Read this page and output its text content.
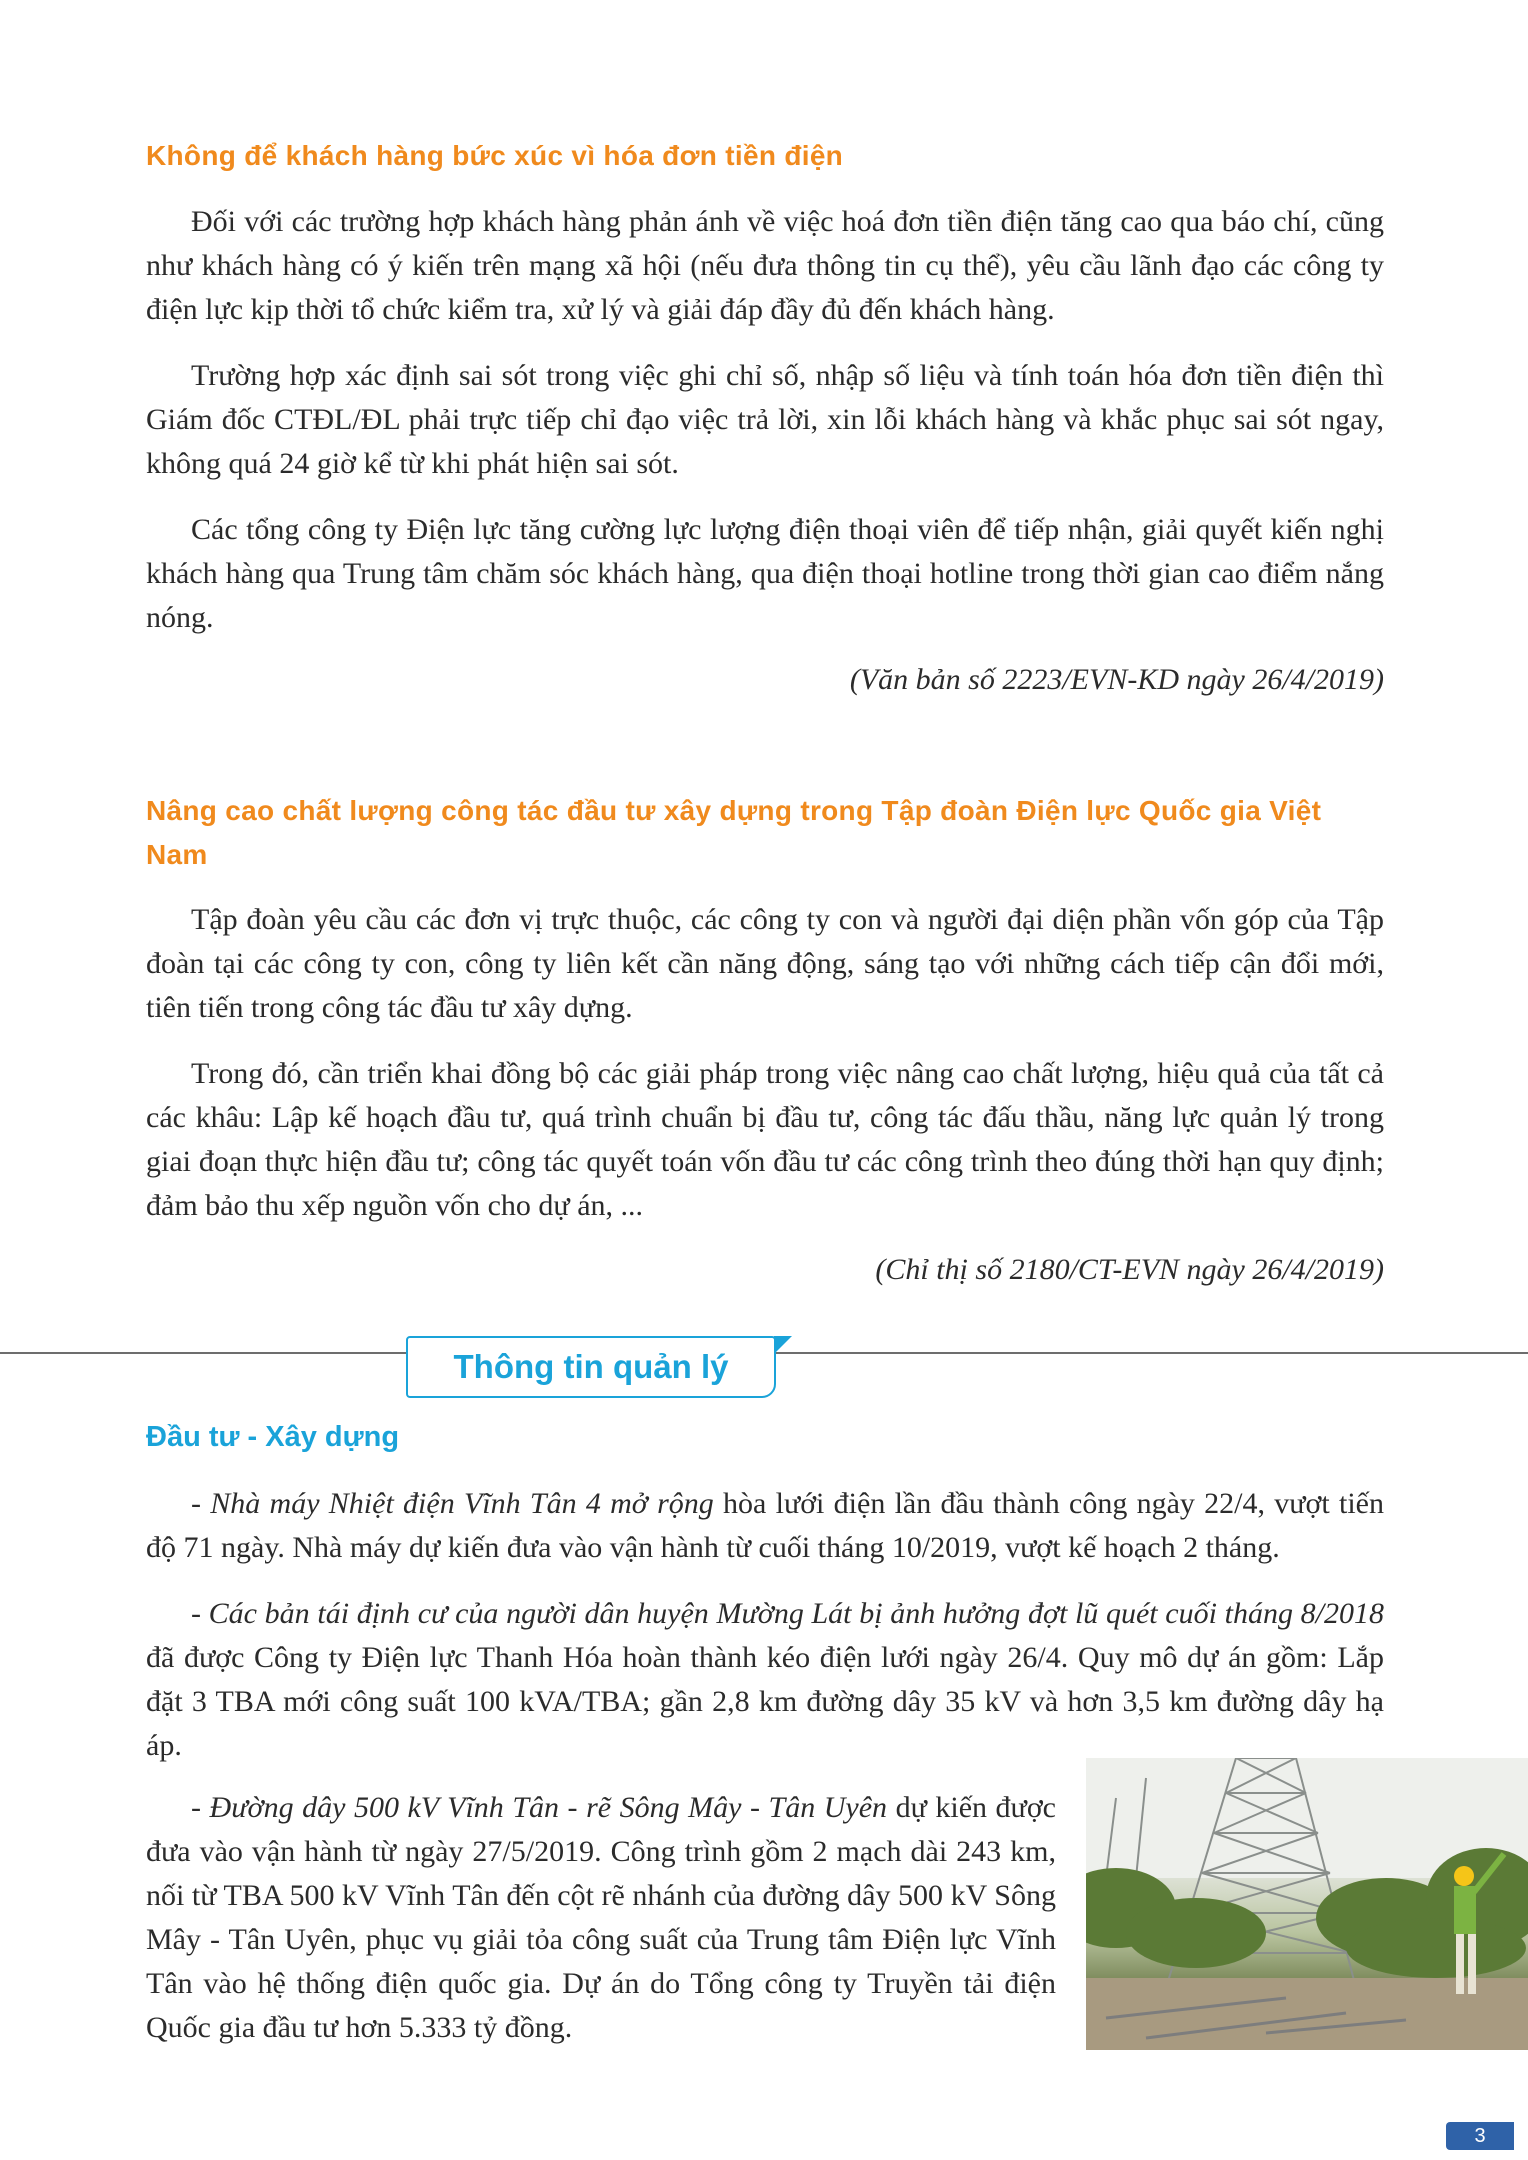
Không để khách hàng bức xúc vì hóa đơn tiền điện

Đối với các trường hợp khách hàng phản ánh về việc hoá đơn tiền điện tăng cao qua báo chí, cũng như khách hàng có ý kiến trên mạng xã hội (nếu đưa thông tin cụ thể), yêu cầu lãnh đạo các công ty điện lực kịp thời tổ chức kiểm tra, xử lý và giải đáp đầy đủ đến khách hàng.

Trường hợp xác định sai sót trong việc ghi chỉ số, nhập số liệu và tính toán hóa đơn tiền điện thì Giám đốc CTĐL/ĐL phải trực tiếp chỉ đạo việc trả lời, xin lỗi khách hàng và khắc phục sai sót ngay, không quá 24 giờ kể từ khi phát hiện sai sót.

Các tổng công ty Điện lực tăng cường lực lượng điện thoại viên để tiếp nhận, giải quyết kiến nghị khách hàng qua Trung tâm chăm sóc khách hàng, qua điện thoại hotline trong thời gian cao điểm nắng nóng.

(Văn bản số 2223/EVN-KD ngày 26/4/2019)

Nâng cao chất lượng công tác đầu tư xây dựng trong Tập đoàn Điện lực Quốc gia Việt Nam

Tập đoàn yêu cầu các đơn vị trực thuộc, các công ty con và người đại diện phần vốn góp của Tập đoàn tại các công ty con, công ty liên kết cần năng động, sáng tạo với những cách tiếp cận đổi mới, tiên tiến trong công tác đầu tư xây dựng.

Trong đó, cần triển khai đồng bộ các giải pháp trong việc nâng cao chất lượng, hiệu quả của tất cả các khâu: Lập kế hoạch đầu tư, quá trình chuẩn bị đầu tư, công tác đấu thầu, năng lực quản lý trong giai đoạn thực hiện đầu tư; công tác quyết toán vốn đầu tư các công trình theo đúng thời hạn quy định; đảm bảo thu xếp nguồn vốn cho dự án, ...

(Chỉ thị số 2180/CT-EVN ngày 26/4/2019)

Thông tin quản lý
Đầu tư - Xây dựng

- Nhà máy Nhiệt điện Vĩnh Tân 4 mở rộng hòa lưới điện lần đầu thành công ngày 22/4, vượt tiến độ 71 ngày. Nhà máy dự kiến đưa vào vận hành từ cuối tháng 10/2019, vượt kế hoạch 2 tháng.

- Các bản tái định cư của người dân huyện Mường Lát bị ảnh hưởng đợt lũ quét cuối tháng 8/2018 đã được Công ty Điện lực Thanh Hóa hoàn thành kéo điện lưới ngày 26/4. Quy mô dự án gồm: Lắp đặt 3 TBA mới công suất 100 kVA/TBA; gần 2,8 km đường dây 35 kV và hơn 3,5 km đường dây hạ áp.

- Đường dây 500 kV Vĩnh Tân - rẽ Sông Mây - Tân Uyên dự kiến được đưa vào vận hành từ ngày 27/5/2019. Công trình gồm 2 mạch dài 243 km, nối từ TBA 500 kV Vĩnh Tân đến cột rẽ nhánh của đường dây 500 kV Sông Mây - Tân Uyên, phục vụ giải tỏa công suất của Trung tâm Điện lực Vĩnh Tân vào hệ thống điện quốc gia. Dự án do Tổng công ty Truyền tải điện Quốc gia đầu tư hơn 5.333 tỷ đồng.

3
